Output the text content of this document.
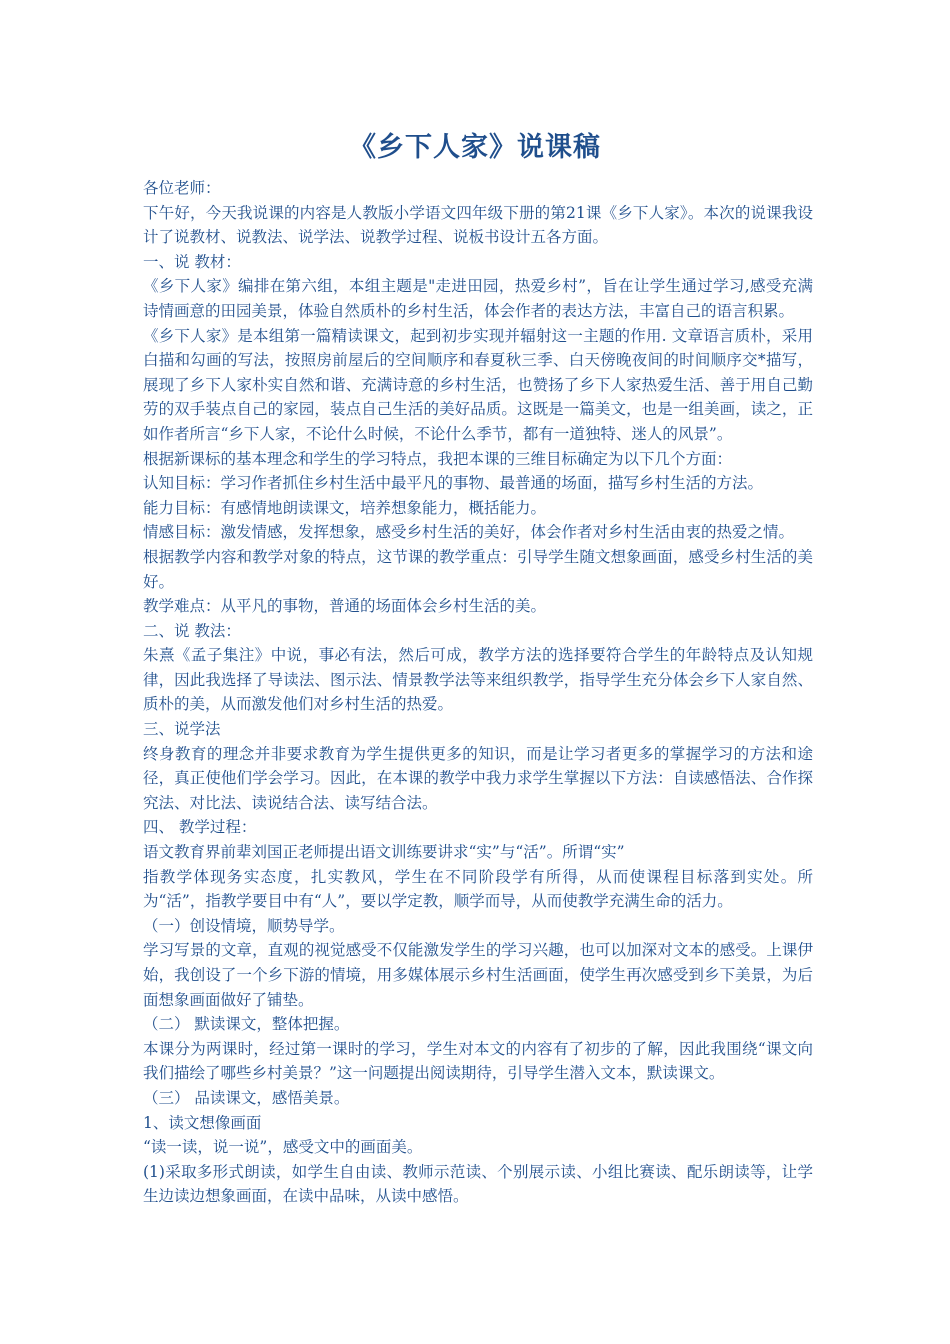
《乡下人家》说课稿

各位老师：

下午好，今天我说课的内容是人教版小学语文四年级下册的第21课《乡下人家》。本次的说课我设计了说教材、说教法、说学法、说教学过程、说板书设计五各方面。

一、说 教材：

《乡下人家》编排在第六组，本组主题是"走进田园，热爱乡村”，旨在让学生通过学习,感受充满诗情画意的田园美景，体验自然质朴的乡村生活，体会作者的表达方法，丰富自己的语言积累。

《乡下人家》是本组第一篇精读课文，起到初步实现并辐射这一主题的作用. 文章语言质朴，采用白描和勾画的写法，按照房前屋后的空间顺序和春夏秋三季、白天傍晚夜间的时间顺序交*描写，展现了乡下人家朴实自然和谐、充满诗意的乡村生活，也赞扬了乡下人家热爱生活、善于用自己勤劳的双手装点自己的家园，装点自己生活的美好品质。这既是一篇美文，也是一组美画，读之，正如作者所言“乡下人家，不论什么时候，不论什么季节，都有一道独特、迷人的风景”。

根据新课标的基本理念和学生的学习特点，我把本课的三维目标确定为以下几个方面：

认知目标：学习作者抓住乡村生活中最平凡的事物、最普通的场面，描写乡村生活的方法。

能力目标：有感情地朗读课文，培养想象能力，概括能力。

情感目标：激发情感，发挥想象，感受乡村生活的美好，体会作者对乡村生活由衷的热爱之情。

根据教学内容和教学对象的特点，这节课的教学重点：引导学生随文想象画面，感受乡村生活的美好。

教学难点：从平凡的事物，普通的场面体会乡村生活的美。

二、说 教法：

朱熹《孟子集注》中说，事必有法，然后可成，教学方法的选择要符合学生的年龄特点及认知规律，因此我选择了导读法、图示法、情景教学法等来组织教学，指导学生充分体会乡下人家自然、质朴的美，从而激发他们对乡村生活的热爱。

三、说学法

终身教育的理念并非要求教育为学生提供更多的知识，而是让学习者更多的掌握学习的方法和途径，真正使他们学会学习。因此，在本课的教学中我力求学生掌握以下方法：自读感悟法、合作探究法、对比法、读说结合法、读写结合法。

四、 教学过程：

语文教育界前辈刘国正老师提出语文训练要讲求“实”与“活”。所谓“实”

指教学体现务实态度，扎实教风，学生在不同阶段学有所得，从而使课程目标落到实处。所为“活”，指教学要目中有“人”，要以学定教，顺学而导，从而使教学充满生命的活力。

（一）创设情境，顺势导学。

学习写景的文章，直观的视觉感受不仅能激发学生的学习兴趣，也可以加深对文本的感受。上课伊始，我创设了一个乡下游的情境，用多媒体展示乡村生活画面，使学生再次感受到乡下美景，为后面想象画面做好了铺垫。

（二） 默读课文，整体把握。

本课分为两课时，经过第一课时的学习，学生对本文的内容有了初步的了解，因此我围绕“课文向我们描绘了哪些乡村美景？”这一问题提出阅读期待，引导学生潜入文本，默读课文。

（三） 品读课文，感悟美景。

1、读文想像画面

“读一读，说一说”，感受文中的画面美。

(1)采取多形式朗读，如学生自由读、教师示范读、个别展示读、小组比赛读、配乐朗读等，让学生边读边想象画面，在读中品味，从读中感悟。
